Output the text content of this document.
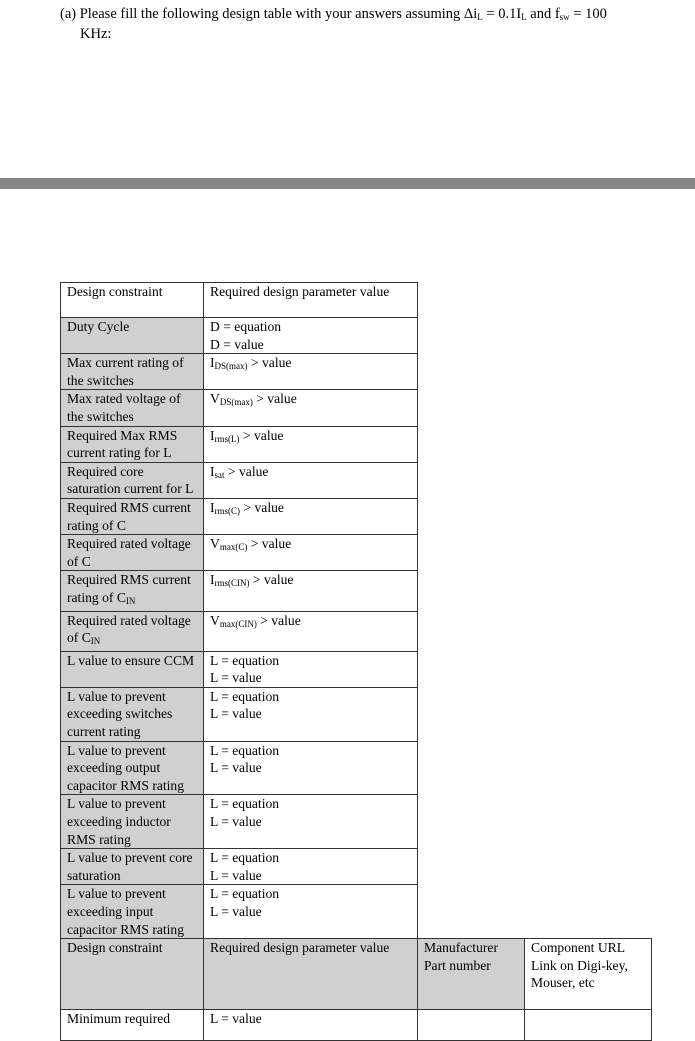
(a) Please fill the following design table with your answers assuming $\Delta i_L = 0.1I_L$ and $f_{sw} = 100$
KHz:
Design constraint	Required design parameter value		
Duty Cycle	D = equation
D = value		

Max current rating of the switches	$I_{DS(max)}$ > value		

Max rated voltage of the switches	$V_{DS(max)}$ > value		

Required Max RMS current rating for L	$I_{rms(L)}$ > value		

Required core saturation current for L	$I_{sat}$ > value		

Required RMS current rating of C	$I_{rms(C)}$ > value		

Required rated voltage of C	$V_{max(C)}$ > value		

Required RMS current rating of $C_{IN}$	$I_{rms(CIN)}$ > value		

Required rated voltage of $C_{IN}$	$V_{max(CIN)}$ > value		

L value to ensure CCM	L = equation
L = value		

L value to prevent exceeding switches current rating	L = equation
L = value		

L value to prevent exceeding output capacitor RMS rating	L = equation
L = value		

L value to prevent exceeding inductor RMS rating	L = equation
L = value		

L value to prevent core saturation	L = equation
L = value		

L value to prevent exceeding input capacitor RMS rating	L = equation
L = value		

Design constraint	Required design parameter value	Manufacturer Part number	Component URL Link on Digi-key, Mouser, etc
Minimum required	L = value		
